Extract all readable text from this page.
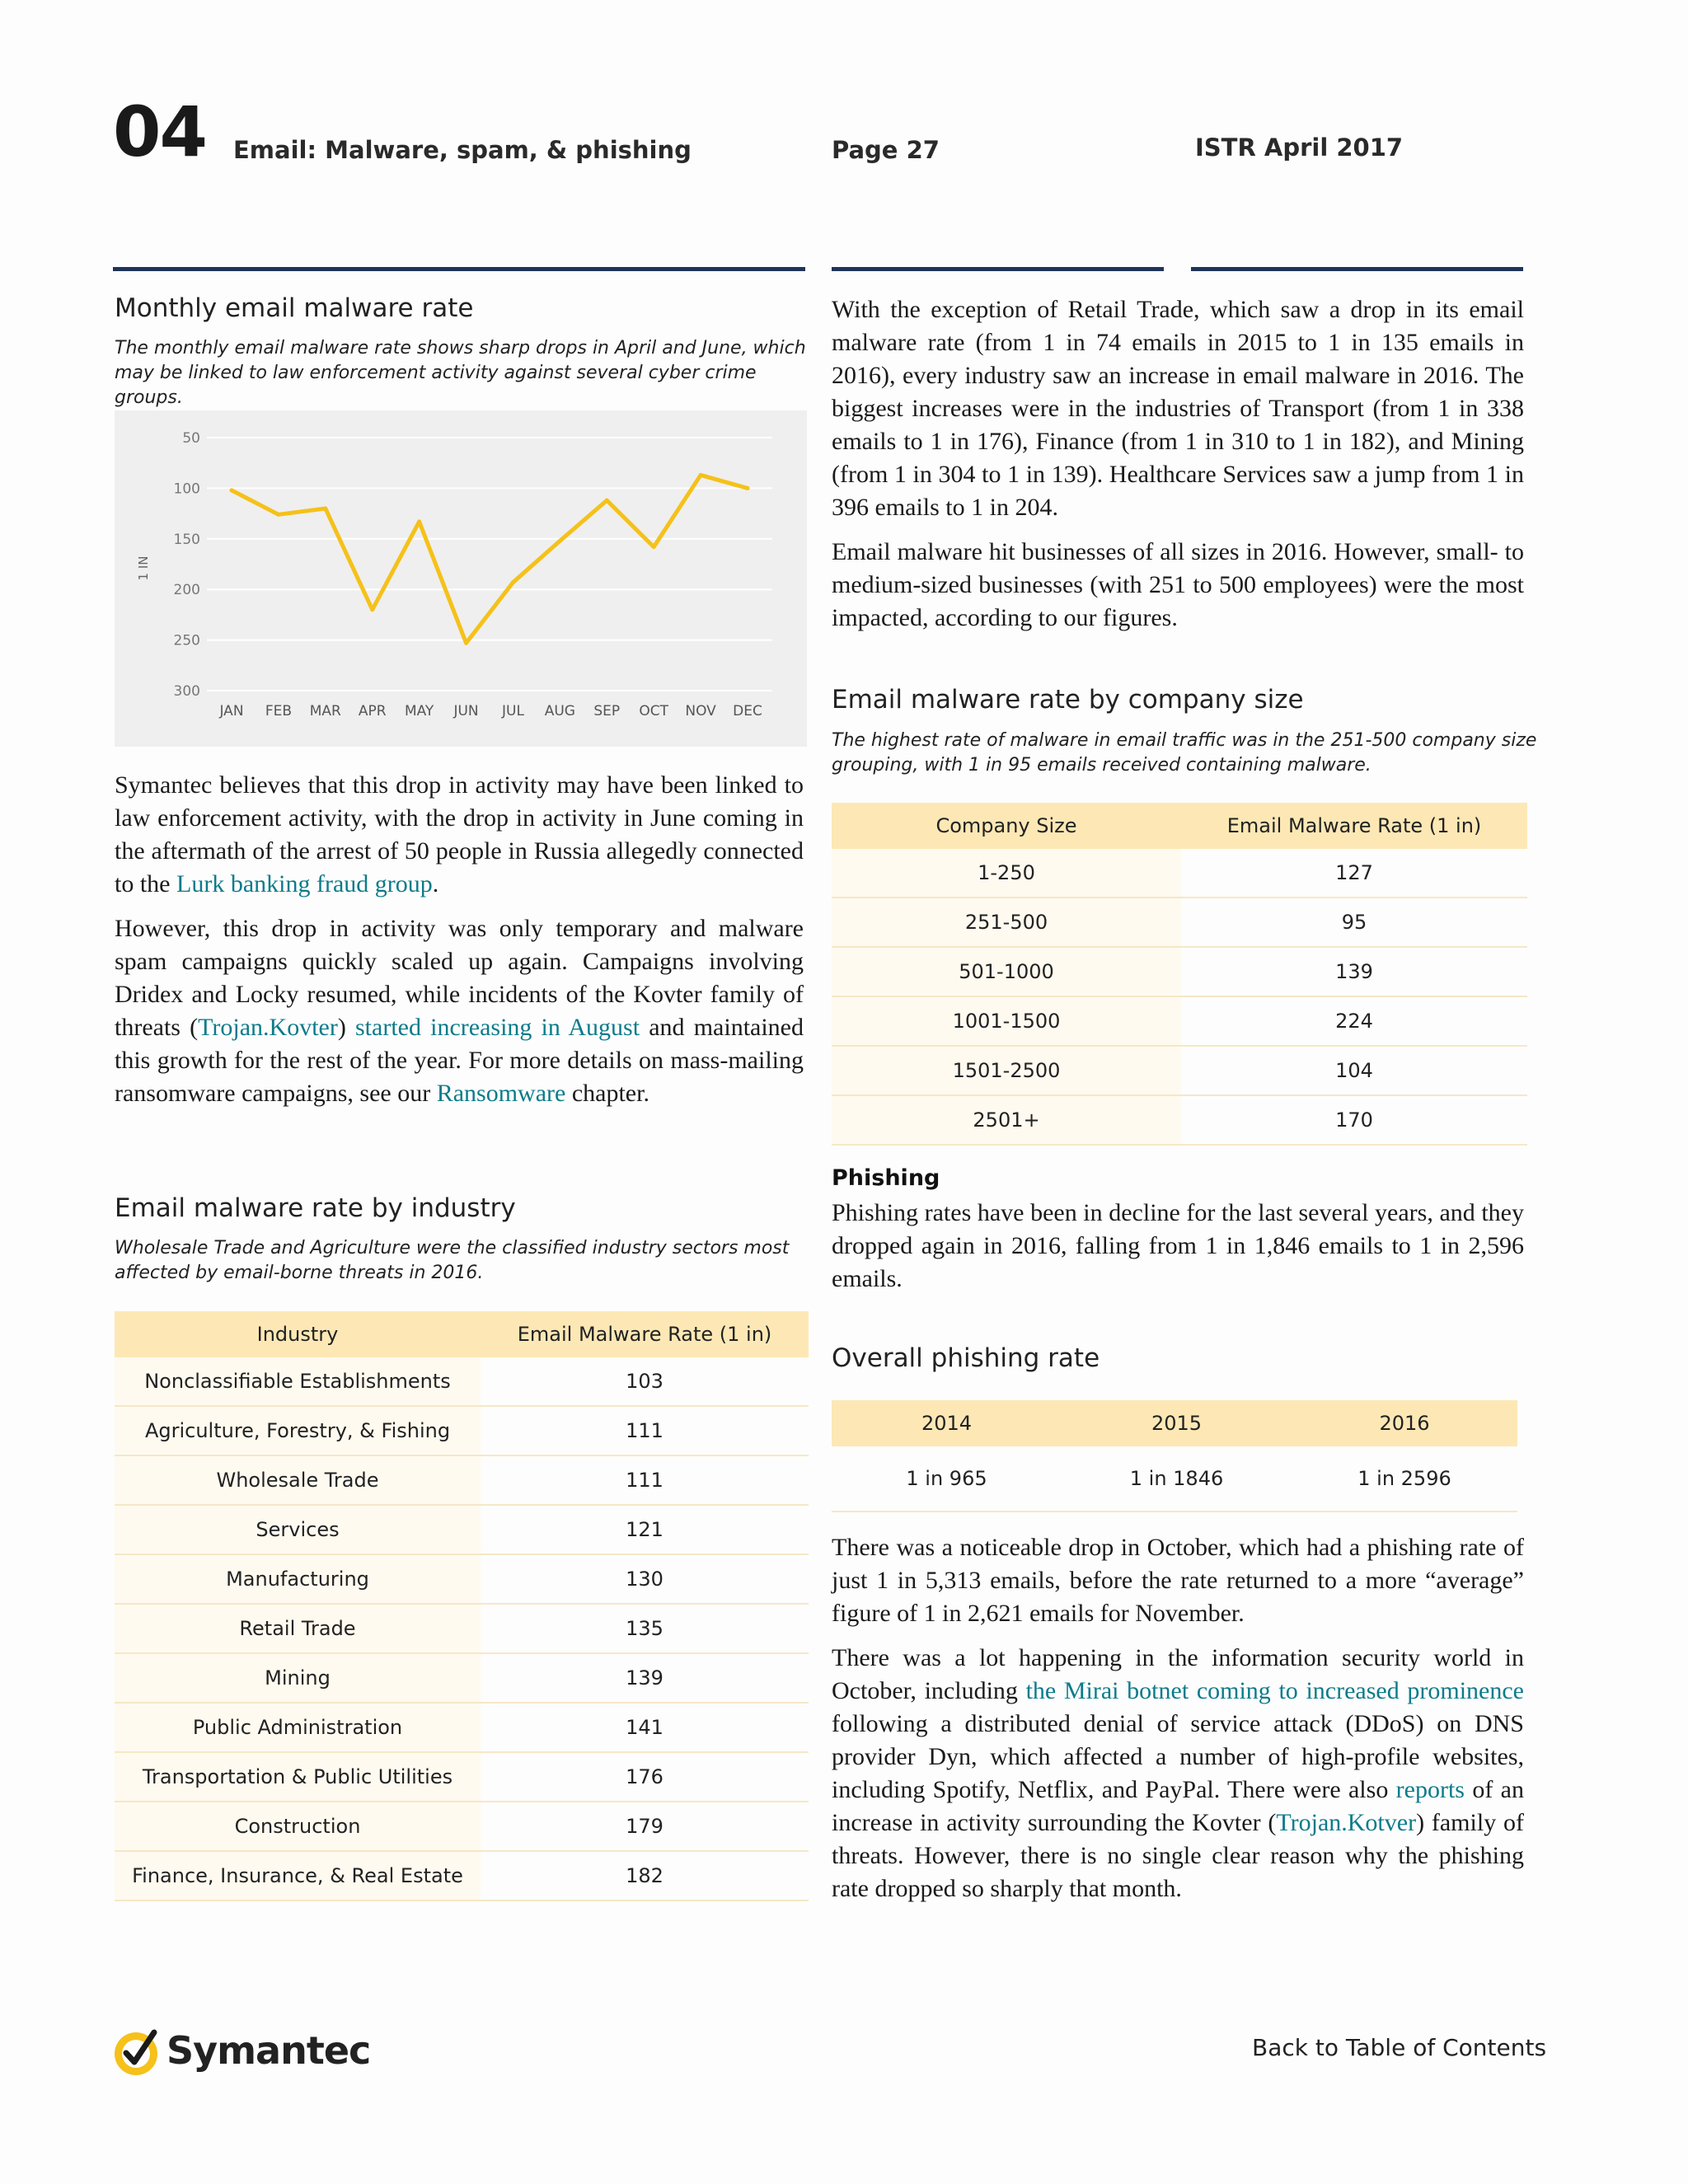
04 Email: Malware, spam, & phishing	Page 27	ISTR April 2017
Monthly email malware rate
The monthly email malware rate shows sharp drops in April and June, which
may be linked to law enforcement activity against several cyber crime groups.
50
100
150
200
250
300
1 IN
JAN FEB MAR APR MAY JUN JUL AUG SEP OCT NOV DEC

Symantec believes that this drop in activity may have been linked to law enforcement activity, with the drop in activity in June coming in the aftermath of the arrest of 50 people in Russia allegedly connected to the Lurk banking fraud group.

However, this drop in activity was only temporary and malware spam campaigns quickly scaled up again. Campaigns involving Dridex and Locky resumed, while incidents of the Kovter family of threats (Trojan.Kovter) started increasing in August and maintained this growth for the rest of the year. For more details on mass-mailing ransomware campaigns, see our Ransomware chapter.

Email malware rate by industry
Wholesale Trade and Agriculture were the classified industry sectors most
affected by email-borne threats in 2016.
Industry	Email Malware Rate (1 in)
Nonclassifiable Establishments	103
Agriculture, Forestry, & Fishing	111
Wholesale Trade	111
Services	121
Manufacturing	130
Retail Trade	135
Mining	139
Public Administration	141
Transportation & Public Utilities	176
Construction	179
Finance, Insurance, & Real Estate	182

With the exception of Retail Trade, which saw a drop in its email malware rate (from 1 in 74 emails in 2015 to 1 in 135 emails in 2016), every industry saw an increase in email malware in 2016. The biggest increases were in the industries of Transport (from 1 in 338 emails to 1 in 176), Finance (from 1 in 310 to 1 in 182), and Mining (from 1 in 304 to 1 in 139). Healthcare Services saw a jump from 1 in 396 emails to 1 in 204.

Email malware hit businesses of all sizes in 2016. However, small- to medium-sized businesses (with 251 to 500 employees) were the most impacted, according to our figures.

Email malware rate by company size
The highest rate of malware in email traffic was in the 251-500 company size
grouping, with 1 in 95 emails received containing malware.
Company Size	Email Malware Rate (1 in)
1-250	127
251-500	95
501-1000	139
1001-1500	224
1501-2500	104
2501+	170
Phishing
Phishing rates have been in decline for the last several years, and they dropped again in 2016, falling from 1 in 1,846 emails to 1 in 2,596 emails.
Overall phishing rate
2014	2015	2016
1 in 965	1 in 1846	1 in 2596

There was a noticeable drop in October, which had a phishing rate of just 1 in 5,313 emails, before the rate returned to a more “average” figure of 1 in 2,621 emails for November.

There was a lot happening in the information security world in October, including the Mirai botnet coming to increased prominence following a distributed denial of service attack (DDoS) on DNS provider Dyn, which affected a number of high-profile websites, including Spotify, Netflix, and PayPal. There were also reports of an increase in activity surrounding the Kovter (Trojan.Kotver) family of threats. However, there is no single clear reason why the phishing rate dropped so sharply that month.

Symantec	Back to Table of Contents
